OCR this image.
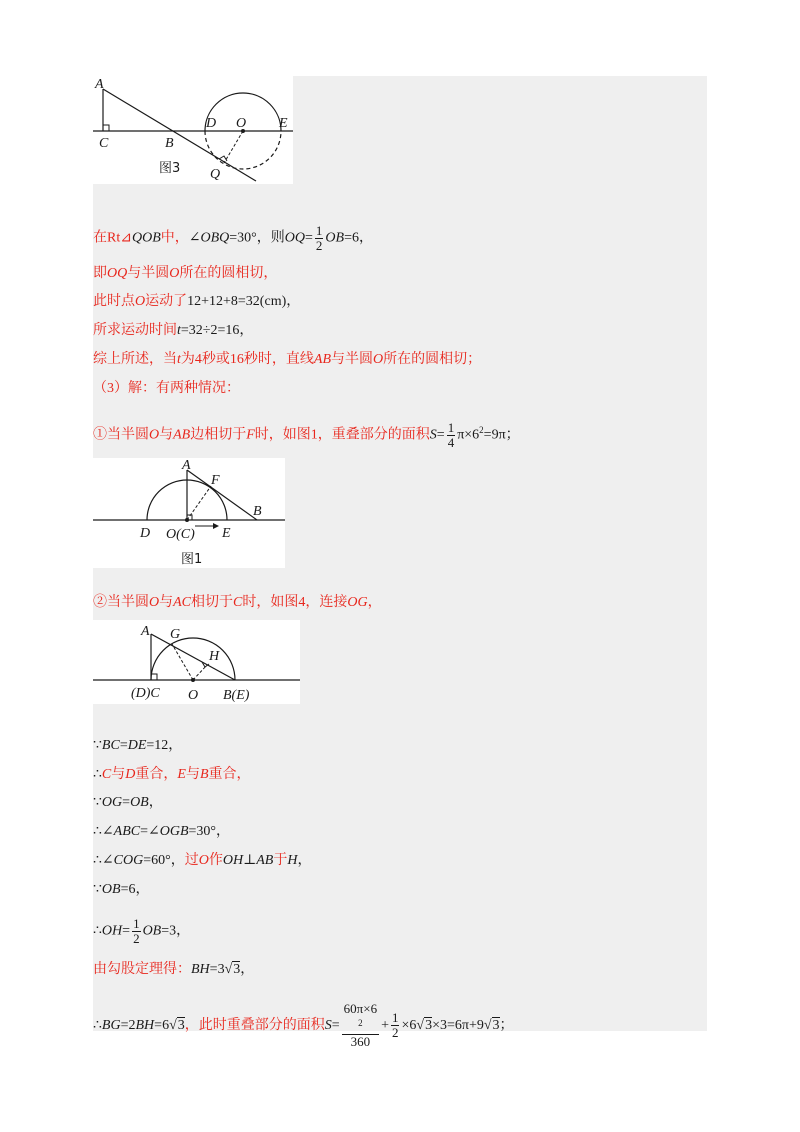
A
C	B
D O E
Q
图3
在Rt⊿QOB中，∠OBQ=30°，则$OQ= \frac{1}{2} OB=6$，
即OQ与半圆O所在的圆相切，
此时点O运动了12+12+8=32(cm)，
所求运动时间t=32÷2=16，
综上所述，当t为4秒或16秒时，直线AB与半圆O所在的圆相切；
（3）解：有两种情况：
①当半圆O与AB边相切于F时，如图1，重叠部分的面积$S= \frac{1}{4} \pi\times 6^2=9\pi$；
A
F
D O(C) E
B
图1
②当半圆O与AC相切于C时，如图4，连接OG，
A G
H
(D)C O B(E)
∵BC=DE=12，
∴C与D重合，E与B重合，
∵OG=OB，
∴∠ABC=∠OGB=30°，
∴∠COG=60°，过O作OH⊥AB于H，
∵OB=6，
∴OH= $\frac{1}{2} OB=3$，
由勾股定理得：BH=3√3，
∴BG=2BH=6√3，此时重叠部分的面积S= 60π×6
$^2$
$360 + \frac{1}{2} \times 6√3\times 3=6\pi+9√3$；
